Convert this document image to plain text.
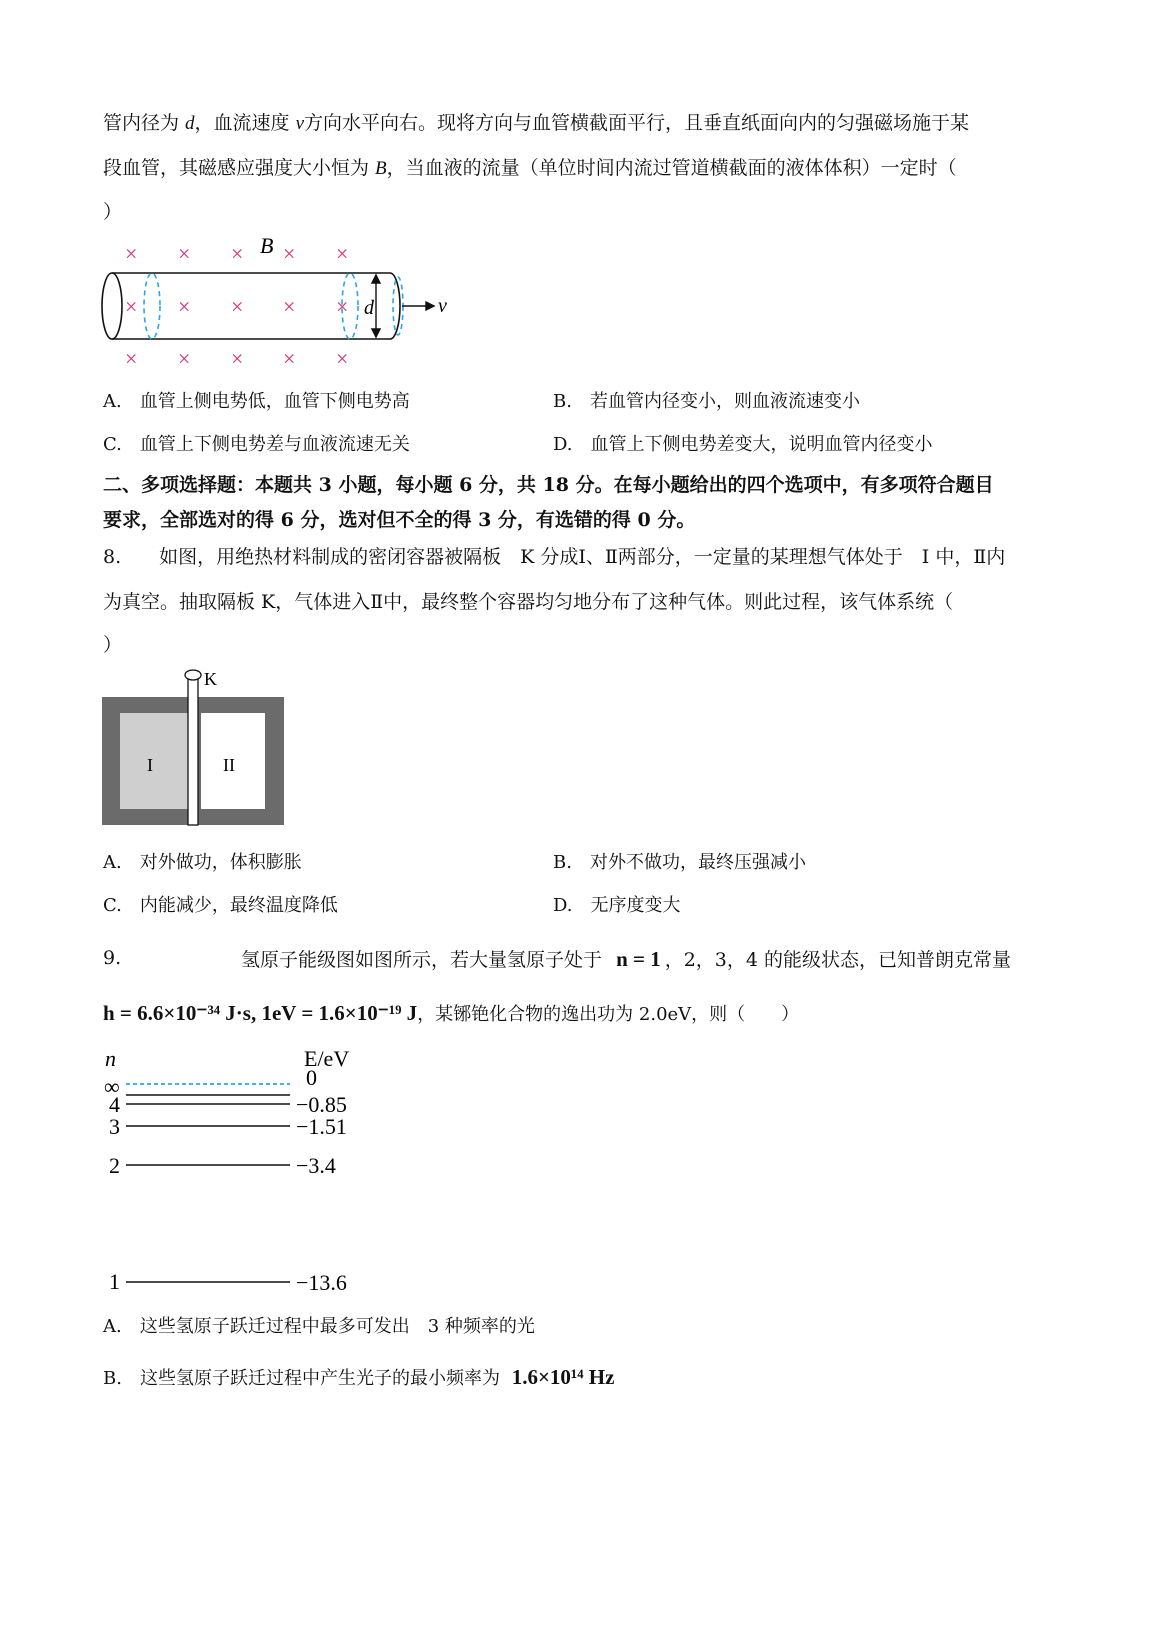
管内径为 d，血流速度 v方向水平向右。现将方向与血管横截面平行，且垂直纸面向内的匀强磁场施于某
段血管，其磁感应强度大小恒为 B，当血液的流量（单位时间内流过管道横截面的液体体积）一定时（
）
× × × × ×
B
× × × × × d	v
× × × × ×
A.　血管上侧电势低，血管下侧电势高	B.　若血管内径变小，则血液流速变小
C.　血管上下侧电势差与血液流速无关	D.　血管上下侧电势差变大，说明血管内径变小
二、多项选择题：本题共 3 小题，每小题 6 分，共 18 分。在每小题给出的四个选项中，有多项符合题目
要求，全部选对的得 6 分，选对但不全的得 3 分，有选错的得 0 分。
8.　　如图，用绝热材料制成的密闭容器被隔板　K 分成Ⅰ、Ⅱ两部分，一定量的某理想气体处于　Ⅰ 中，Ⅱ内
为真空。抽取隔板 K，气体进入Ⅱ中，最终整个容器均匀地分布了这种气体。则此过程，该气体系统（
）
K
I	II
A.　对外做功，体积膨胀	B.　对外不做功，最终压强减小
C.　内能减少，最终温度降低	D.　无序度变大
9.	氢原子能级图如图所示，若大量氢原子处于 n = 1 ，2，3，4 的能级状态，已知普朗克常量
h = 6.6×10⁻³⁴ J·s, 1eV = 1.6×10⁻¹⁹ J，某铘铯化合物的逸出功为 2.0eV，则（　　）
n	E/eV
∞	0
4	−0.85
3	−1.51
2	−3.4
1	−13.6
A.　这些氢原子跃迁过程中最多可发出　3 种频率的光
B.　这些氢原子跃迁过程中产生光子的最小频率为 1.6×10¹⁴ Hz
